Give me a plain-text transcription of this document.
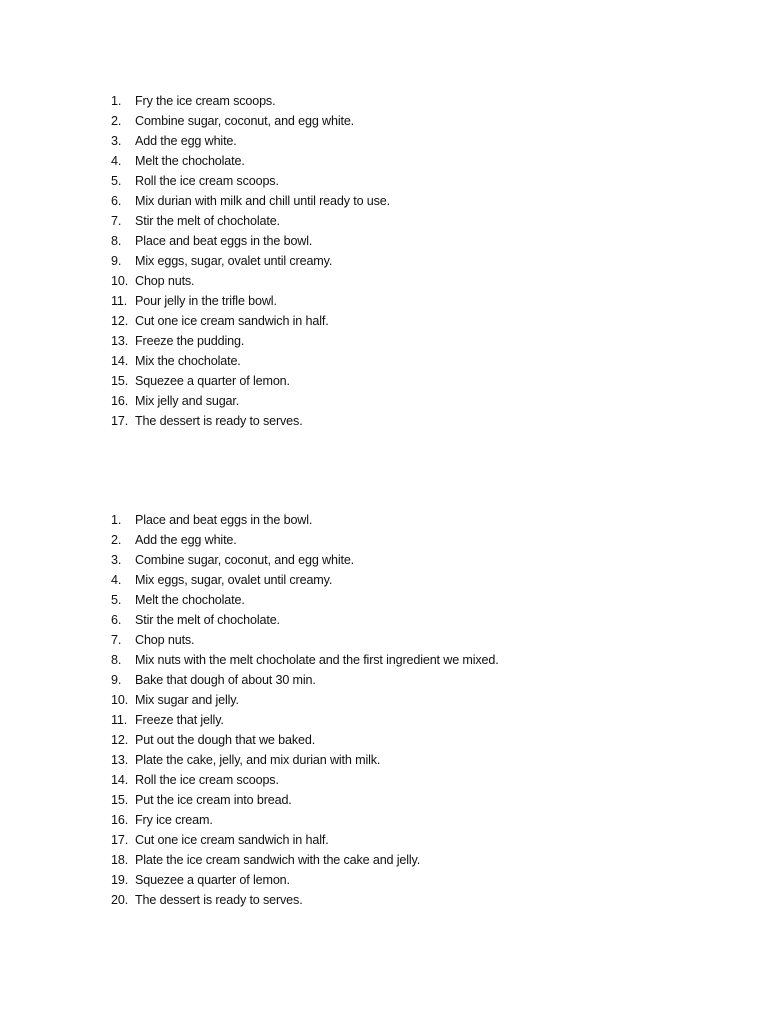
1. Fry the ice cream scoops.
2. Combine sugar, coconut, and egg white.
3. Add the egg white.
4. Melt the chocholate.
5. Roll the ice cream scoops.
6. Mix durian with milk and chill until ready to use.
7. Stir the melt of chocholate.
8. Place and beat eggs in the bowl.
9. Mix eggs, sugar, ovalet until creamy.
10. Chop nuts.
11. Pour jelly in the trifle bowl.
12. Cut one ice cream sandwich in half.
13. Freeze the pudding.
14. Mix the chocholate.
15. Squezee a quarter of lemon.
16. Mix jelly and sugar.
17. The dessert is ready to serves.
1. Place and beat eggs in the bowl.
2. Add the egg white.
3. Combine sugar, coconut, and egg white.
4. Mix eggs, sugar, ovalet until creamy.
5. Melt the chocholate.
6. Stir the melt of chocholate.
7. Chop nuts.
8. Mix nuts with the melt chocholate and the first ingredient we mixed.
9. Bake that dough of about 30 min.
10. Mix sugar and jelly.
11. Freeze that jelly.
12. Put out the dough that we baked.
13. Plate the cake, jelly, and mix durian with milk.
14. Roll the ice cream scoops.
15. Put the ice cream into bread.
16. Fry ice cream.
17. Cut one ice cream sandwich in half.
18. Plate the ice cream sandwich with the cake and jelly.
19. Squezee a quarter of lemon.
20. The dessert is ready to serves.
